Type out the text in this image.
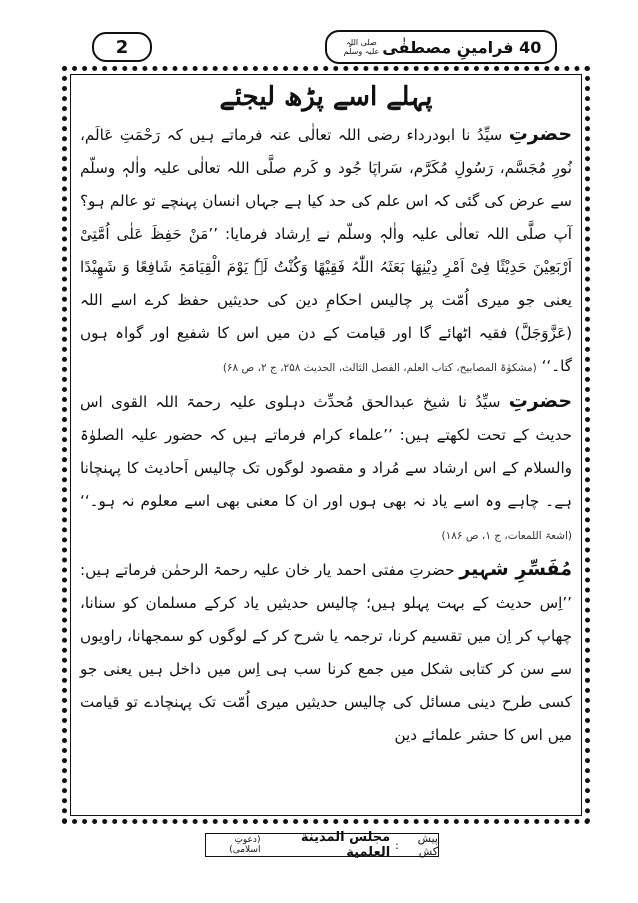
2	40 فرامینِ مصطفٰی
صلی اللہ
علیہ وسلّم
پہلے اسے پڑھ لیجئے

حضرتِ سیِّدُ نا ابودرداء رضی اللہ تعالٰی عنہ فرماتے ہیں کہ رَحْمَتِ عَالَم، نُورِ مُجَسَّم، رَسُولِ مُکَرَّم، سَراپَا جُود و کَرم صلَّی اللہ تعالٰی علیہ واٰلہٖ وسلّم سے عرض کی گئی کہ اس علم کی حد کیا ہے جہاں انسان پہنچے تو عالم ہو؟ آپ صلَّی اللہ تعالٰی علیہ واٰلہٖ وسلّم نے اِرشاد فرمایا: ’’مَنْ حَفِظَ عَلٰی اُمَّتِیْ اَرْبَعِیْنَ حَدِیْثًا فِیْ اَمْرِ دِیْنِھَا بَعَثَہُ اللّٰہُ فَقِیْھًا وَکُنْتُ لَہٗ یَوْمَ الْقِیَامَۃِ شَافِعًا وَ شَھِیْدًا یعنی جو میری اُمّت پر چالیس احکامِ دین کی حدیثیں حفظ کرے اسے اللہ (عَزَّوَجَلَّ) فقیہ اٹھائے گا اور قیامت کے دن میں اس کا شفیع اور گواہ ہوں گا۔‘‘ (مشکوٰۃ المصابیح، کتاب العلم، الفصل الثالث، الحدیث ۲۵۸، ج ۲، ص ۶۸)

حضرتِ سیِّدُ نا شیخ عبدالحق مُحدِّث دہلوی علیہ رحمۃ اللہ القوی اس حدیث کے تحت لکھتے ہیں: ’’علماء کرام فرماتے ہیں کہ حضور علیہ الصلوٰۃ والسلام کے اس ارشاد سے مُراد و مقصود لوگوں تک چالیس اَحادیث کا پہنچانا ہے۔ چاہے وہ اسے یاد نہ بھی ہوں اور ان کا معنی بھی اسے معلوم نہ ہو۔‘‘ (اشعۃ اللمعات، ج ۱، ص ۱۸۶)

مُفَسِّرِ شہیر حضرتِ مفتی احمد یار خان علیہ رحمۃ الرحمٰن فرماتے ہیں: ’’اِس حدیث کے بہت پہلو ہیں؛ چالیس حدیثیں یاد کرکے مسلمان کو سنانا، چھاپ کر اِن میں تقسیم کرنا، ترجمہ یا شرح کر کے لوگوں کو سمجھانا، راویوں سے سن کر کتابی شکل میں جمع کرنا سب ہی اِس میں داخل ہیں یعنی جو کسی طرح دینی مسائل کی چالیس حدیثیں میری اُمّت تک پہنچادے تو قیامت میں اس کا حشر علمائے دین

پیش کش
:
مجلس المدينة العلمية
(دعوتِ اسلامی)
